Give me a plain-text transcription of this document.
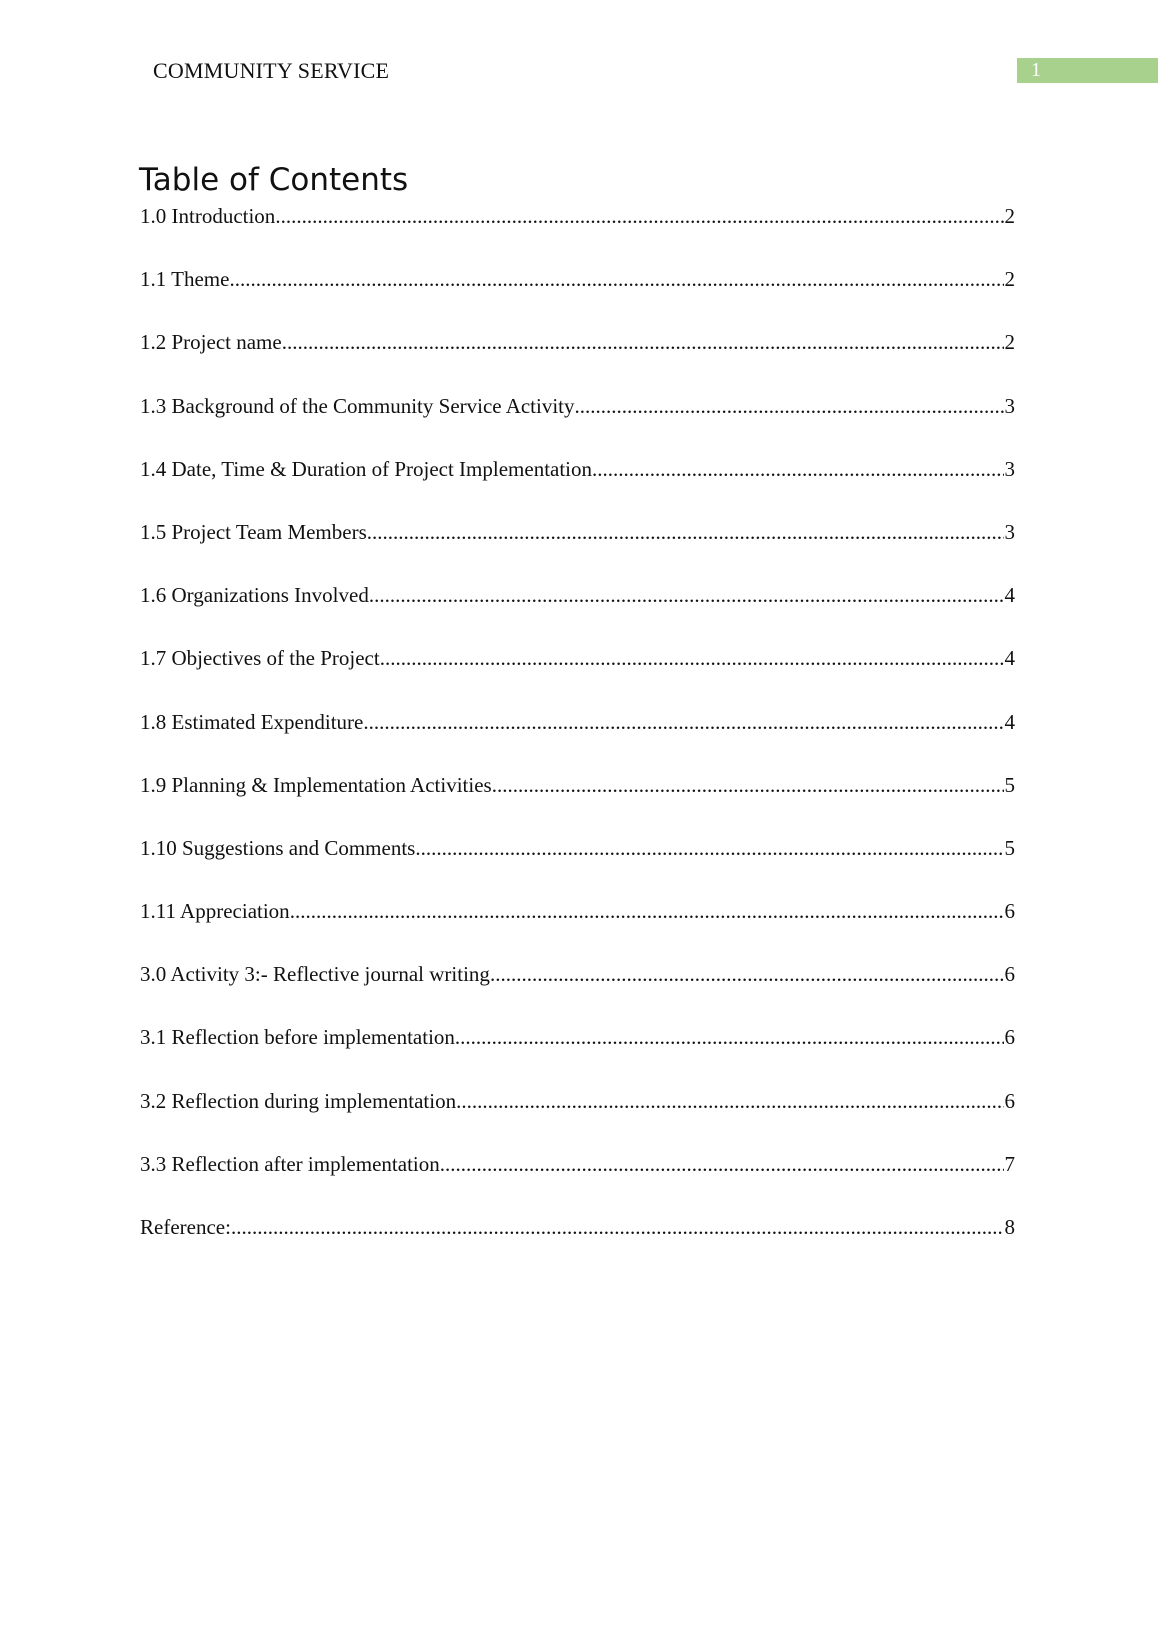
COMMUNITY SERVICE	1
Table of Contents
1.0 Introduction .....	2
1.1 Theme .....	2
1.2 Project name .....	2
1.3 Background of the Community Service Activity .....	3
1.4 Date, Time & Duration of Project Implementation .....	3
1.5 Project Team Members .....	3
1.6 Organizations Involved .....	4
1.7 Objectives of the Project .....	4
1.8 Estimated Expenditure .....	4
1.9 Planning & Implementation Activities .....	5
1.10 Suggestions and Comments .....	5
1.11 Appreciation .....	6
3.0 Activity 3:- Reflective journal writing .....	6
3.1 Reflection before implementation .....	6
3.2 Reflection during implementation .....	6
3.3 Reflection after implementation .....	7
Reference: .....	8
